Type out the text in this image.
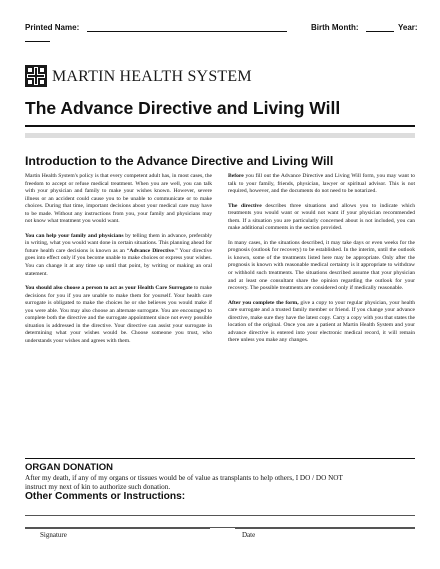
Printed Name:	Birth Month:	Year:
MARTIN HEALTH SYSTEM
The Advance Directive and Living Will
Introduction to the Advance Directive and Living Will

Martin Health System's policy is that every competent adult has, in most cases, the freedom to accept or refuse medical treatment. When you are well, you can talk with your physician and family to make your wishes known. However, severe illness or an accident could cause you to be unable to communicate or to make choices. During that time, important decisions about your medical care may have to be made. Without any instructions from you, your family and physicians may not know what treatment you would want.

You can help your family and physicians by telling them in advance, preferably in writing, what you would want done in certain situations. This planning ahead for future health care decisions is known as an “Advance Directive.” Your directive goes into effect only if you become unable to make choices or express your wishes. You can change it at any time up until that point, by writing or making an oral statement.

You should also choose a person to act as your Health Care Surrogate to make decisions for you if you are unable to make them for yourself. Your health care surrogate is obligated to make the choices he or she believes you would make if you were able. You may also choose an alternate surrogate. You are encouraged to complete both the directive and the surrogate appointment since not every possible situation is addressed in the directive. Your directive can assist your surrogate in determining what your wishes would be. Choose someone you trust, who understands your wishes and agrees with them.

Before you fill out the Advance Directive and Living Will form, you may want to talk to your family, friends, physician, lawyer or spiritual advisor. This is not required, however, and the documents do not need to be notarized.

The directive describes three situations and allows you to indicate which treatments you would want or would not want if your physician recommended them. If a situation you are particularly concerned about is not included, you can make additional comments in the section provided.

In many cases, in the situations described, it may take days or even weeks for the prognosis (outlook for recovery) to be established. In the interim, until the outlook is known, some of the treatments listed here may be appropriate. Only after the prognosis is known with reasonable medical certainty is it appropriate to withdraw or withhold such treatments. The situations described assume that your physician and at least one consultant share the opinion regarding the outlook for your recovery. The possible treatments are considered only if medically reasonable.

After you complete the form, give a copy to your regular physician, your health care surrogate and a trusted family member or friend. If you change your advance directive, make sure they have the latest copy. Carry a copy with you that states the location of the original. Once you are a patient at Martin Health System and your advance directive is entered into your electronic medical record, it will remain there unless you make any changes.

ORGAN DONATION
After my death, if any of my organs or tissues would be of value as transplants to help others, I DO / DO NOT
instruct my next of kin to authorize such donation.
Other Comments or Instructions:
Signature	Date
